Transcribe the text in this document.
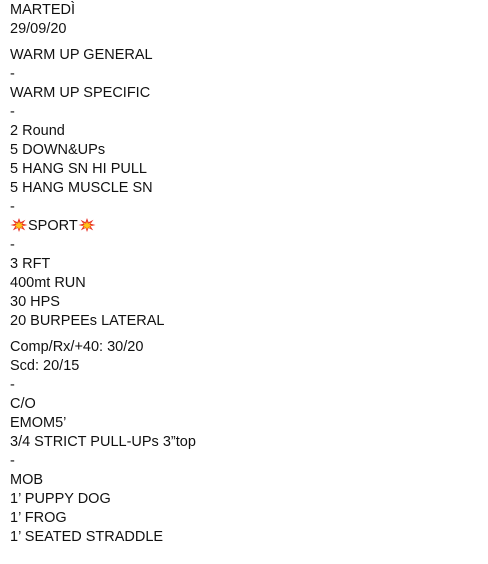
MARTEDÌ
29/09/20
WARM UP GENERAL
-
WARM UP SPECIFIC
-
2 Round
5 DOWN&UPs
5 HANG SN HI PULL
5 HANG MUSCLE SN
-
SPORT
-
3 RFT
400mt RUN
30 HPS
20 BURPEEs LATERAL
Comp/Rx/+40: 30/20
Scd: 20/15
-
C/O
EMOM5’
3/4 STRICT PULL-UPs 3”top
-
MOB
1’ PUPPY DOG
1’ FROG
1’ SEATED STRADDLE
